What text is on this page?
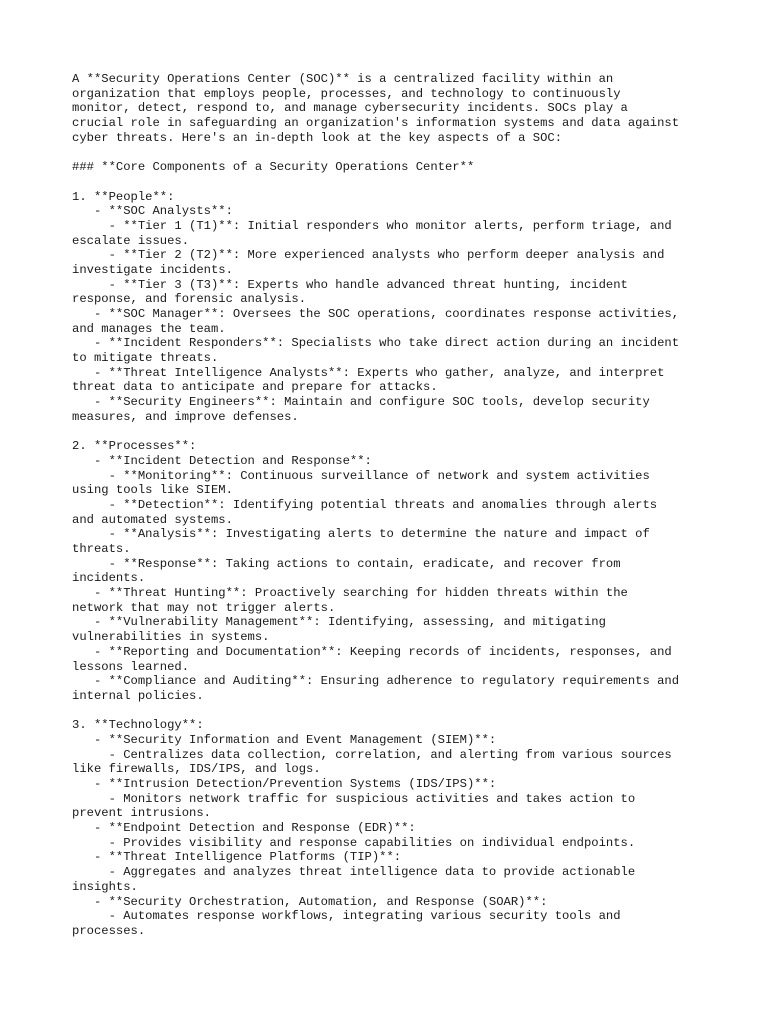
A **Security Operations Center (SOC)** is a centralized facility within an
organization that employs people, processes, and technology to continuously
monitor, detect, respond to, and manage cybersecurity incidents. SOCs play a
crucial role in safeguarding an organization's information systems and data against
cyber threats. Here's an in-depth look at the key aspects of a SOC:
### **Core Components of a Security Operations Center**
1. **People**:
- **SOC Analysts**:
- **Tier 1 (T1)**: Initial responders who monitor alerts, perform triage, and
escalate issues.
- **Tier 2 (T2)**: More experienced analysts who perform deeper analysis and
investigate incidents.
- **Tier 3 (T3)**: Experts who handle advanced threat hunting, incident
response, and forensic analysis.
- **SOC Manager**: Oversees the SOC operations, coordinates response activities,
and manages the team.
- **Incident Responders**: Specialists who take direct action during an incident
to mitigate threats.
- **Threat Intelligence Analysts**: Experts who gather, analyze, and interpret
threat data to anticipate and prepare for attacks.
- **Security Engineers**: Maintain and configure SOC tools, develop security
measures, and improve defenses.
2. **Processes**:
- **Incident Detection and Response**:
- **Monitoring**: Continuous surveillance of network and system activities
using tools like SIEM.
- **Detection**: Identifying potential threats and anomalies through alerts
and automated systems.
- **Analysis**: Investigating alerts to determine the nature and impact of
threats.
- **Response**: Taking actions to contain, eradicate, and recover from
incidents.
- **Threat Hunting**: Proactively searching for hidden threats within the
network that may not trigger alerts.
- **Vulnerability Management**: Identifying, assessing, and mitigating
vulnerabilities in systems.
- **Reporting and Documentation**: Keeping records of incidents, responses, and
lessons learned.
- **Compliance and Auditing**: Ensuring adherence to regulatory requirements and
internal policies.
3. **Technology**:
- **Security Information and Event Management (SIEM)**:
- Centralizes data collection, correlation, and alerting from various sources
like firewalls, IDS/IPS, and logs.
- **Intrusion Detection/Prevention Systems (IDS/IPS)**:
- Monitors network traffic for suspicious activities and takes action to
prevent intrusions.
- **Endpoint Detection and Response (EDR)**:
- Provides visibility and response capabilities on individual endpoints.
- **Threat Intelligence Platforms (TIP)**:
- Aggregates and analyzes threat intelligence data to provide actionable
insights.
- **Security Orchestration, Automation, and Response (SOAR)**:
- Automates response workflows, integrating various security tools and
processes.
